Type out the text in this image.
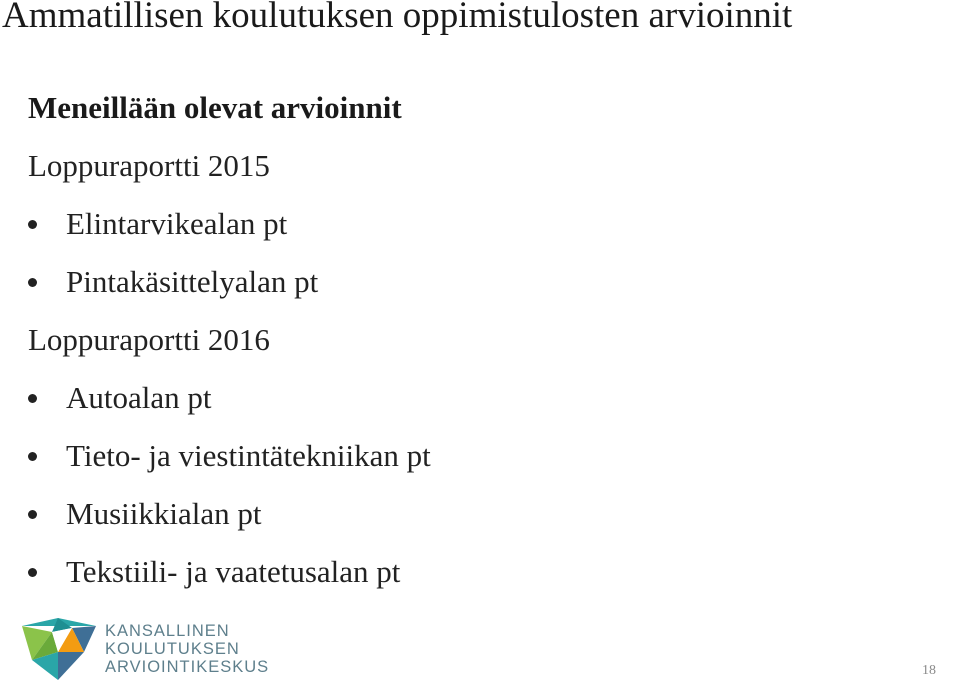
Ammatillisen koulutuksen oppimistulosten arvioinnit

Meneillään olevat arvioinnit

Loppuraportti 2015

Elintarvikealan pt
Pintakäsittelyalan pt

Loppuraportti 2016

Autoalan pt
Tieto- ja viestintätekniikan pt
Musiikkialan pt
Tekstiili- ja vaatetusalan pt
KANSALLINEN
KOULUTUKSEN
ARVIOINTIKESKUS	18
